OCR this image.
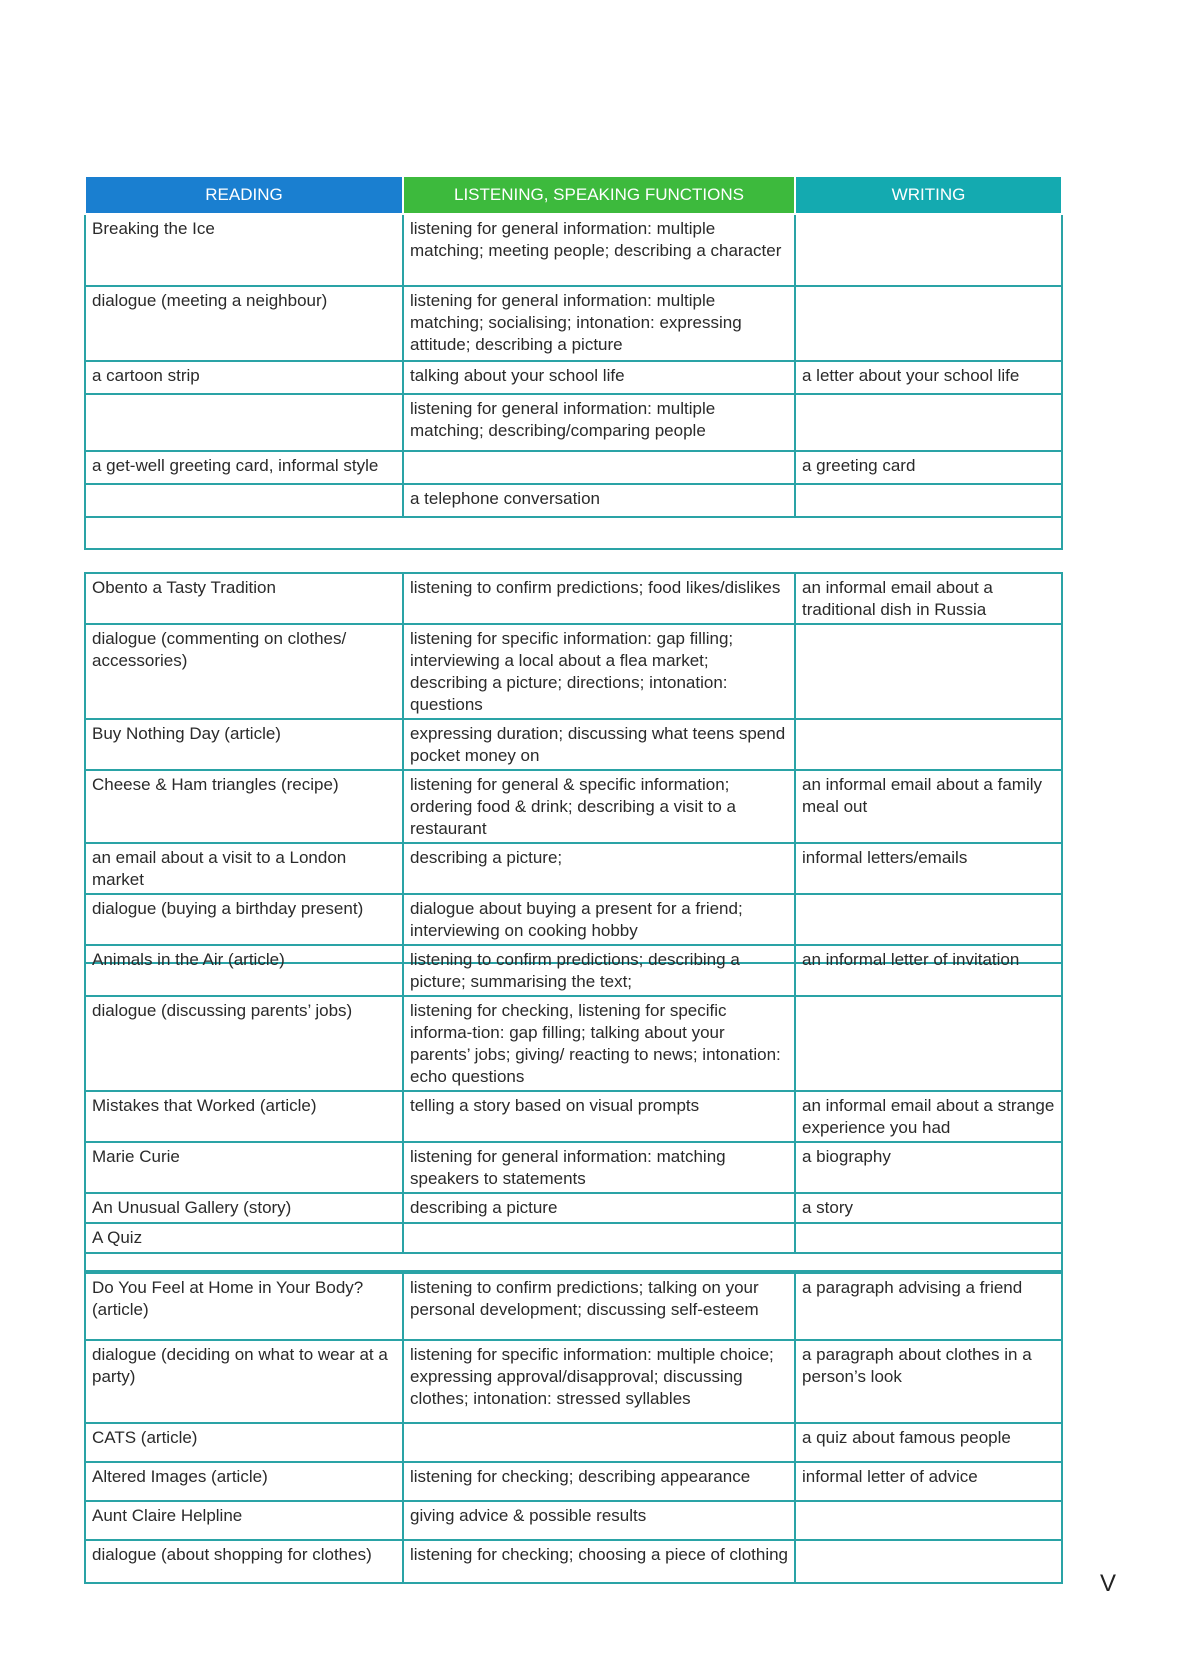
READING	LISTENING, SPEAKING FUNCTIONS	WRITING
Breaking the Ice	listening for general information: multiple matching; meeting people; describing a character	
dialogue (meeting a neighbour)	listening for general information: multiple matching; socialising; intonation: expressing attitude; describing a picture	
a cartoon strip	talking about your school life	a letter about your school life
	listening for general information: multiple matching; describing/comparing people	
a get-well greeting card, informal style		a greeting card
	a telephone conversation	

Obento a Tasty Tradition	listening to confirm predictions; food likes/dislikes	an informal email about a traditional dish in Russia
dialogue (commenting on clothes/ accessories)	listening for specific information: gap filling; interviewing a local about a flea market; describing a picture; directions; intonation: questions	
Buy Nothing Day (article)	expressing duration; discussing what teens spend pocket money on	
Cheese & Ham triangles (recipe)	listening for general & specific information; ordering food & drink; describing a visit to a restaurant	an informal email about a family meal out
an email about a visit to a London market	describing a picture;	informal letters/emails
dialogue (buying a birthday present)	dialogue about buying a present for a friend; interviewing on cooking hobby	

Animals in the Air (article)	listening to confirm predictions; describing a picture; summarising the text;	an informal letter of invitation
dialogue (discussing parents’ jobs)	listening for checking, listening for specific informa-tion: gap filling; talking about your parents’ jobs; giving/ reacting to news; intonation: echo questions	
Mistakes that Worked (article)	telling a story based on visual prompts	an informal email about a strange experience you had
Marie Curie	listening for general information: matching speakers to statements	a biography
An Unusual Gallery (story)	describing a picture	a story
A Quiz		

Do You Feel at Home in Your Body? (article)	listening to confirm predictions; talking on your personal development; discussing self-esteem	a paragraph advising a friend
dialogue (deciding on what to wear at a party)	listening for specific information: multiple choice; expressing approval/disapproval; discussing clothes; intonation: stressed syllables	a paragraph about clothes in a person’s look
CATS (article)		a quiz about famous people
Altered Images (article)	listening for checking; describing appearance	informal letter of advice
Aunt Claire Helpline	giving advice & possible results	
dialogue (about shopping for clothes)	listening for checking; choosing a piece of clothing	
V
